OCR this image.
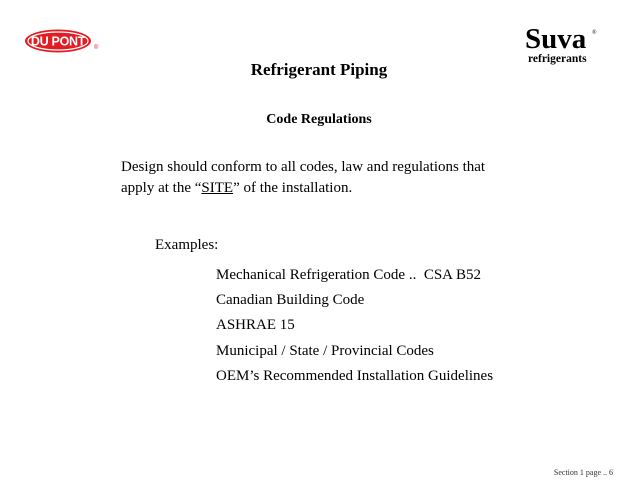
DU PONT ®	Suva ®
refrigerants
Refrigerant Piping
Code Regulations
Design should conform to all codes, law and regulations that
apply at the “SITE” of the installation.
Examples:
Mechanical Refrigeration Code ..  CSA B52
Canadian Building Code
ASHRAE 15
Municipal / State / Provincial Codes
OEM’s Recommended Installation Guidelines
Section 1 page .. 6
